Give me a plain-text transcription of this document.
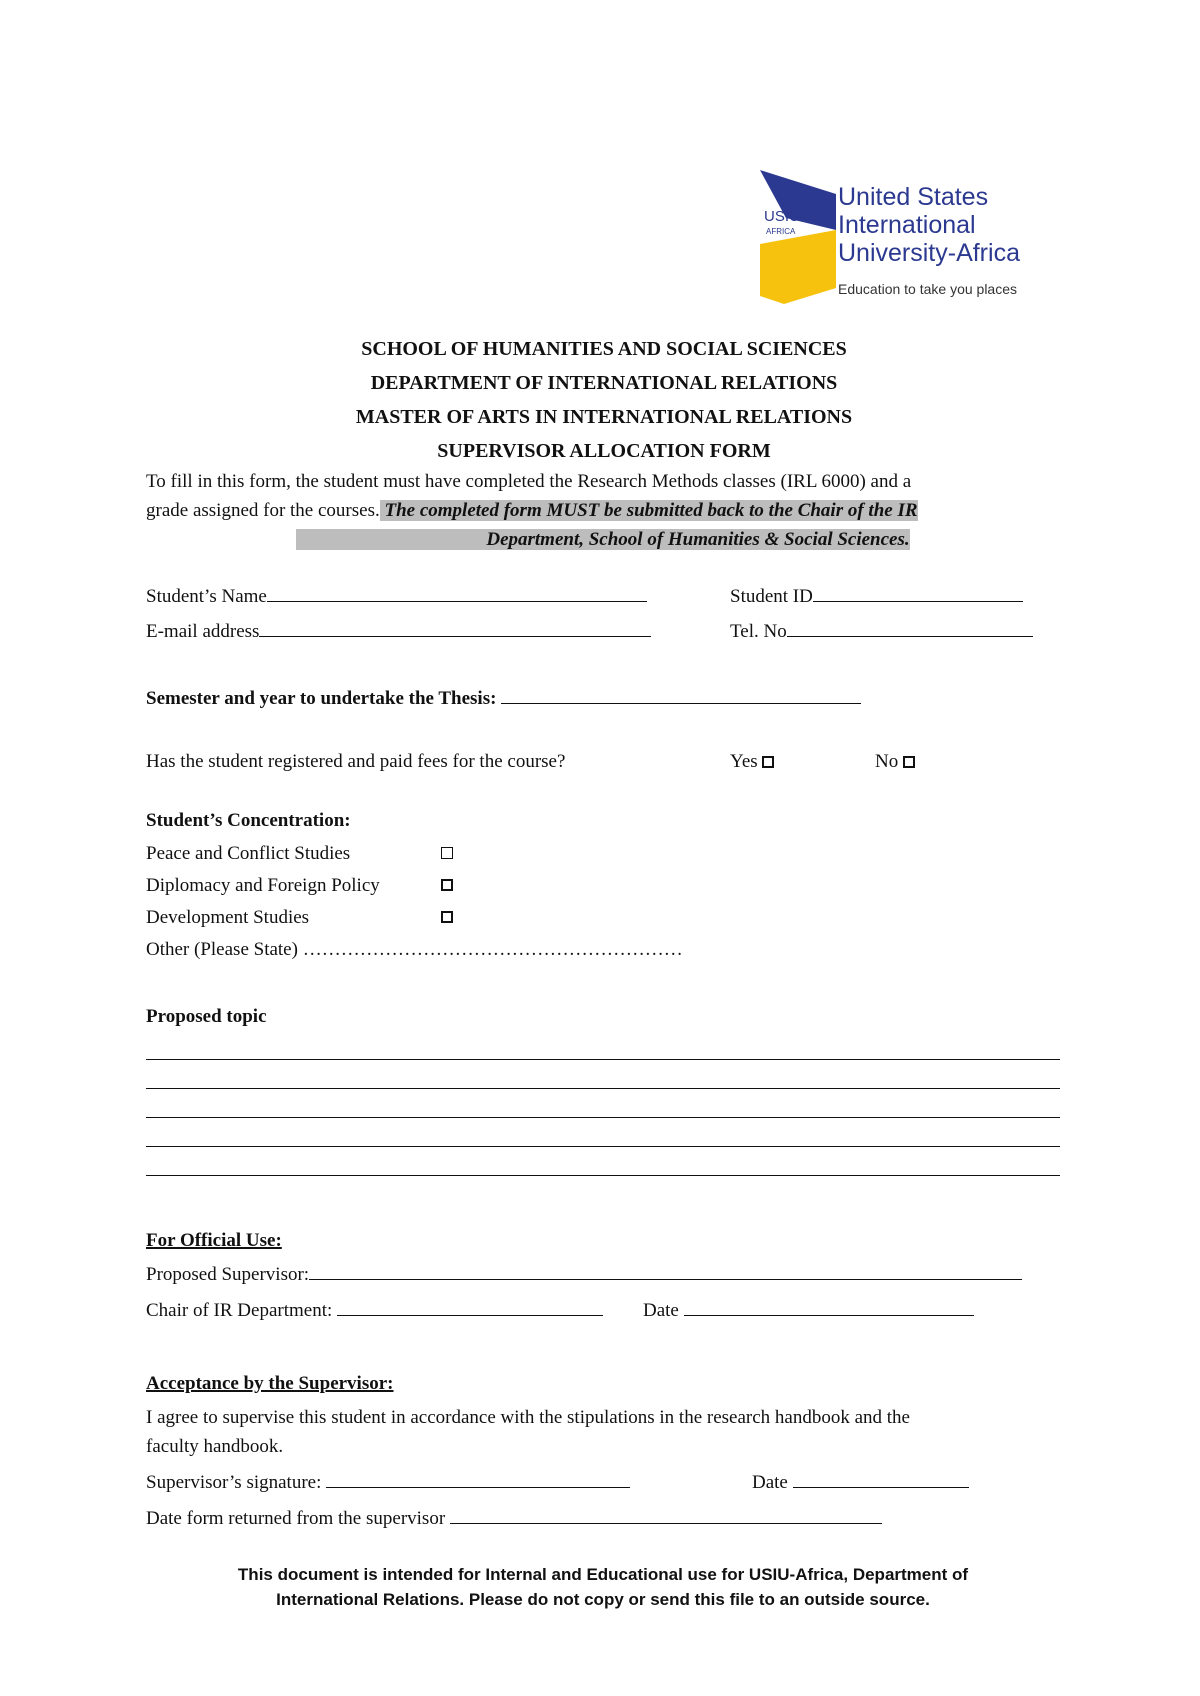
USIU
AFRICA
United States
International
University-Africa
Education to take you places
SCHOOL OF HUMANITIES AND SOCIAL SCIENCES
DEPARTMENT OF INTERNATIONAL RELATIONS
MASTER OF ARTS IN INTERNATIONAL RELATIONS
SUPERVISOR ALLOCATION FORM
To fill in this form, the student must have completed the Research Methods classes (IRL 6000) and a
grade assigned for the courses. The completed form MUST be submitted back to the Chair of the IR
Department, School of Humanities & Social Sciences.
Student’s Name	Student ID
E-mail address	Tel. No
Semester and year to undertake the Thesis:
Has the student registered and paid fees for the course?	Yes	No
Student’s Concentration:
Peace and Conflict Studies
Diplomacy and Foreign Policy
Development Studies
Other (Please State) ……………………………………………………
Proposed topic
For Official Use:
Proposed Supervisor:
Chair of IR Department:	Date
Acceptance by the Supervisor:
I agree to supervise this student in accordance with the stipulations in the research handbook and the
faculty handbook.
Supervisor’s signature:	Date
Date form returned from the supervisor
This document is intended for Internal and Educational use for USIU-Africa, Department of
International Relations. Please do not copy or send this file to an outside source.
